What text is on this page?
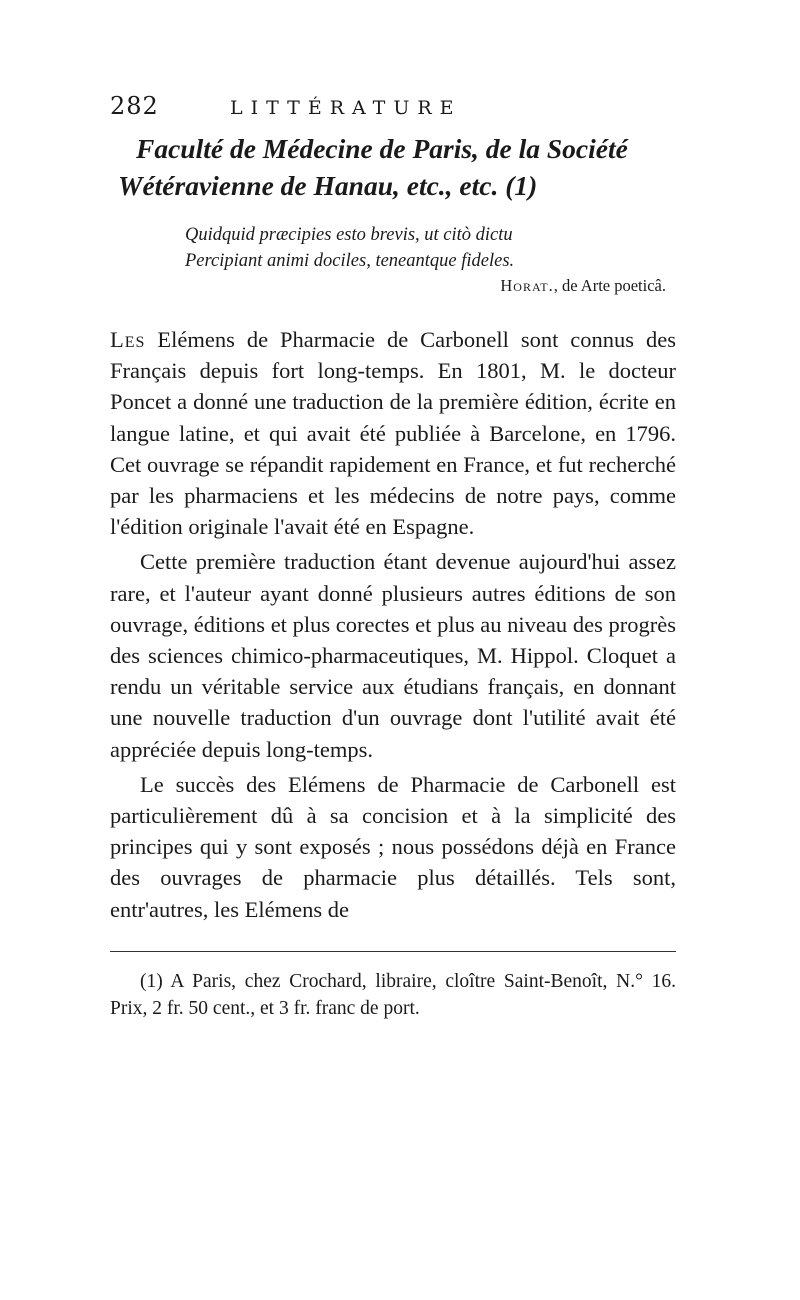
282	LITTÉRATURE
Faculté de Médecine de Paris, de la Société
Wétéravienne de Hanau, etc., etc. (1)
Quidquid præcipies esto brevis, ut citò dictu
Percipiant animi dociles, teneantque fideles.
Horat., de Arte poeticâ.

Les Elémens de Pharmacie de Carbonell sont connus des Français depuis fort long-temps. En 1801, M. le docteur Poncet a donné une traduction de la première édition, écrite en langue latine, et qui avait été publiée à Barcelone, en 1796. Cet ouvrage se répandit rapidement en France, et fut recherché par les pharmaciens et les médecins de notre pays, comme l'édition originale l'avait été en Espagne.

Cette première traduction étant devenue aujourd'hui assez rare, et l'auteur ayant donné plusieurs autres éditions de son ouvrage, éditions et plus corectes et plus au niveau des progrès des sciences chimico-pharmaceutiques, M. Hippol. Cloquet a rendu un véritable service aux étudians français, en donnant une nouvelle traduction d'un ouvrage dont l'utilité avait été appréciée depuis long-temps.

Le succès des Elémens de Pharmacie de Carbonell est particulièrement dû à sa concision et à la simplicité des principes qui y sont exposés ; nous possédons déjà en France des ouvrages de pharmacie plus détaillés. Tels sont, entr'autres, les Elémens de

(1) A Paris, chez Crochard, libraire, cloître Saint-Benoît, N.° 16. Prix, 2 fr. 50 cent., et 3 fr. franc de port.
